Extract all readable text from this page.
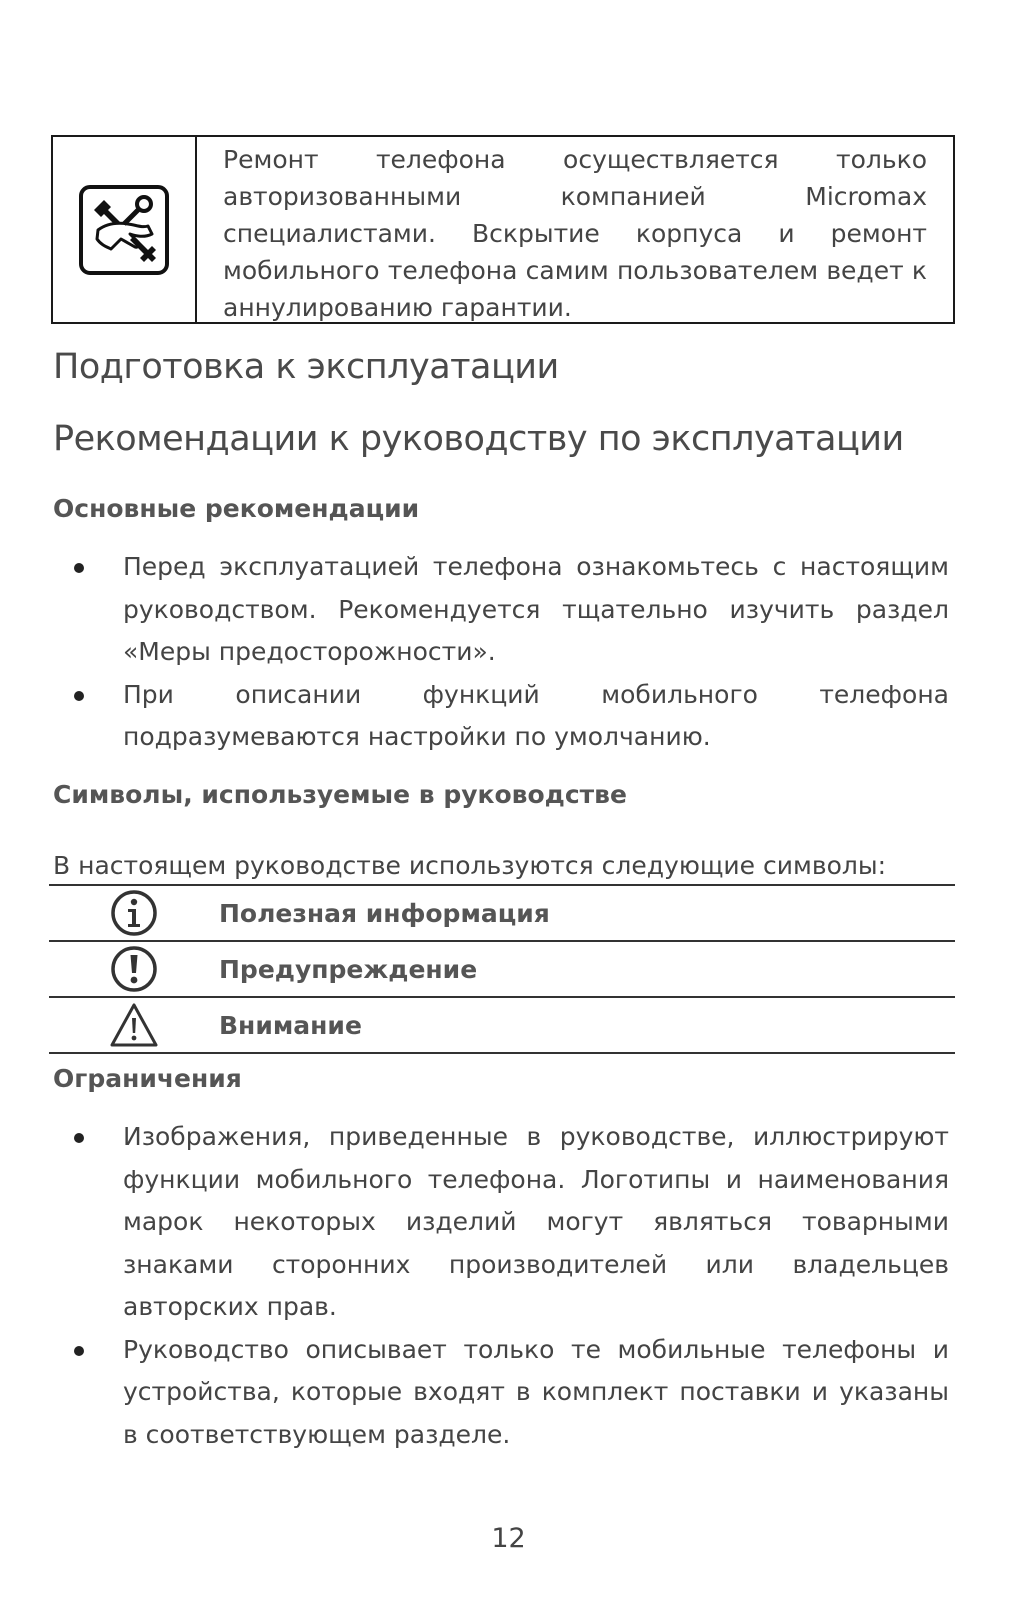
Ремонт телефона осуществляется только авторизованными компанией Micromax специалистами. Вскрытие корпуса и ремонт мобильного телефона самим пользователем ведет к аннулированию гарантии.
Подготовка к эксплуатации
Рекомендации к руководству по эксплуатации
Основные рекомендации
Перед эксплуатацией телефона ознакомьтесь с настоящим руководством. Рекомендуется тщательно изучить раздел «Меры предосторожности».
При описании функций мобильного телефона подразумеваются настройки по умолчанию.
Символы, используемые в руководстве
В настоящем руководстве используются следующие символы:
Полезная информация
Предупреждение
Внимание
Ограничения
Изображения, приведенные в руководстве, иллюстрируют функции мобильного телефона. Логотипы и наименования марок некоторых изделий могут являться товарными знаками сторонних производителей или владельцев авторских прав.
Руководство описывает только те мобильные телефоны и устройства, которые входят в комплект поставки и указаны в соответствующем разделе.
12
